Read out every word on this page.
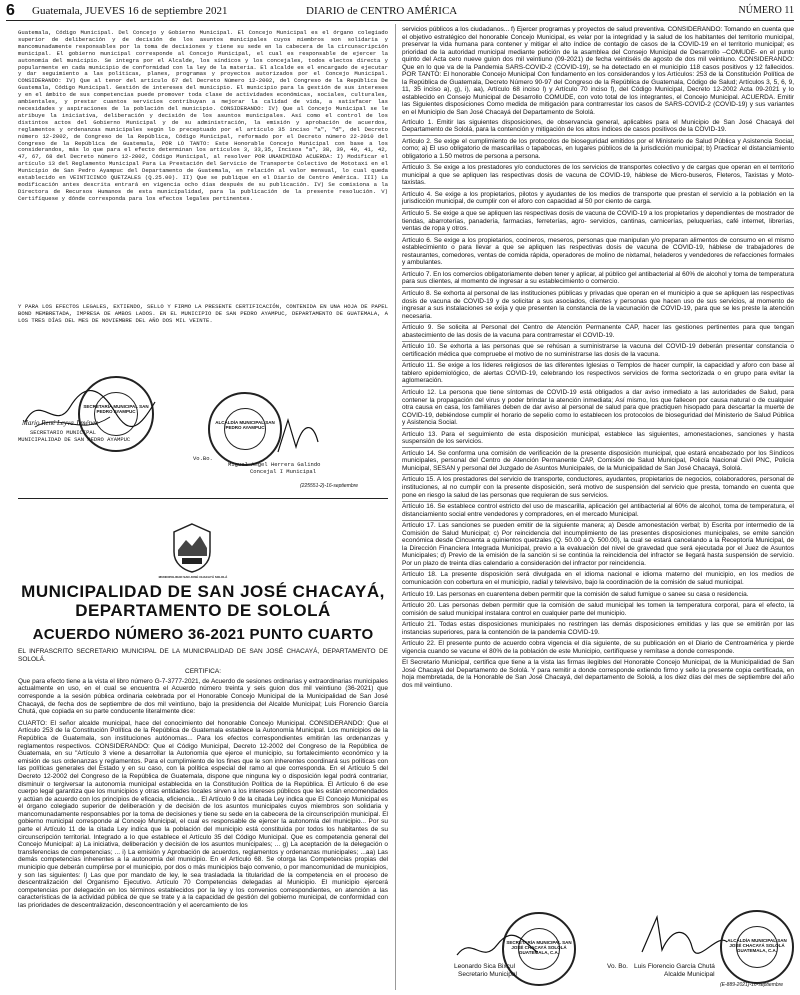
6 Guatemala, JUEVES 16 de septiembre 2021	DIARIO de CENTRO AMÉRICA	NÚMERO 11
Guatemala, Código Municipal. Del Concejo y Gobierno Municipal. El Concejo Municipal es el órgano colegiado superior de deliberación y de decisión de los asuntos municipales cuyos miembros son solidaria y mancomunadamente responsables por la toma de decisiones y tiene su sede en la cabecera de la circunscripción municipal. El gobierno municipal corresponde al Concejo Municipal, el cual es responsable de ejercer la autonomía del municipio. Se integra por el Alcalde, los síndicos y los concejales, todos electos directa y popularmente en cada municipio de conformidad con la ley de la materia. El alcalde es el encargado de ejecutar y dar seguimiento a las políticas, planes, programas y proyectos autorizados por el Concejo Municipal. CONSIDERANDO: IV) Que al tenor del artículo 67 del Decreto Número 12-2002, del Congreso de la República De Guatemala, Código Municipal. Gestión de intereses del municipio. El municipio para la gestión de sus intereses y en el ámbito de sus competencias puede promover toda clase de actividades económicas, sociales, culturales, ambientales, y prestar cuantos servicios contribuyan a mejorar la calidad de vida, a satisfacer las necesidades y aspiraciones de la población del municipio. CONSIDERANDO: IV) Que al Concejo Municipal se le atribuye la iniciativa, deliberación y decisión de los asuntos municipales. Así como el control de los distintos actos del Gobierno Municipal y de su administración, la emisión y aprobación de acuerdos, reglamentos y ordenanzas municipales según lo preceptuado por el artículo 35 inciso "a", "d", del Decreto número 12-2002, de Congreso de la República, Código Municipal, reformado por el Decreto número 22-2010 del Congreso de la República de Guatemala, POR LO TANTO: Este Honorable Concejo Municipal con base a los considerandos, más lo que para el efecto determinan los artículos 3, 33,35, Incisos "a", 38, 39, 40, 41, 42, 47, 67, 68 del Decreto número 12-2002, Código Municipal, al resolver POR UNANIMIDAD ACUERDA: I) Modificar el artículo 13 del Reglamento Municipal Para La Prestación del Servicio de Transporte Colectivo de Mototaxi en el Municipio de San Pedro Ayampuc del Departamento de Guatemala, en relación al valor mensual, lo cual queda establecido en VEINTICINCO QUETZALES (Q.25.00). II) Que se publique en el Diario de Centro América. III) La modificación antes descrita entrará en vigencia ocho días después de su publicación. IV) Se comisiona a la Directora de Recursos Humanos de esta municipalidad, para la publicación de la presente resolución. V) Certifíquese y dónde corresponda para los efectos legales pertinentes.
Y PARA LOS EFECTOS LEGALES, EXTIENDO, SELLO Y FIRMO LA PRESENTE CERTIFICACIÓN, CONTENIDA EN UNA HOJA DE PAPEL BOND MEMBRETADA, IMPRESA DE AMBOS LADOS. EN EL MUNICIPIO DE SAN PEDRO AYAMPUC, DEPARTAMENTO DE GUATEMALA, A LOS TRES DÍAS DEL MES DE NOVIEMBRE DEL AÑO DOS MIL VEINTE.
SECRETARÍA MUNICIPAL SAN PEDRO AYAMPUC
Mario René Leyva Jiménez
SECRETARIO MUNICIPAL
MUNICIPALIDAD DE SAN PEDRO AYAMPUC
ALCALDÍA MUNICIPAL SAN PEDRO AYAMPUC
Vo.Bo.
Miguel Angel Herrera Galindo
Concejal I Municipal
(225551-2)-16-septiembre
MUNICIPALIDAD SAN JOSÉ CHACAYÁ SOLOLÁ
MUNICIPALIDAD DE SAN JOSÉ CHACAYÁ, DEPARTAMENTO DE SOLOLÁ
ACUERDO NÚMERO 36-2021 PUNTO CUARTO

EL INFRASCRITO SECRETARIO MUNICIPAL DE LA MUNICIPALIDAD DE SAN JOSÉ CHACAYÁ, DEPARTAMENTO DE SOLOLÁ.

CERTIFICA:

Que para efecto tiene a la vista el libro número G-7-3777-2021, de Acuerdo de sesiones ordinarias y extraordinarias municipales actualmente en uso, en el cual se encuentra el Acuerdo número treinta y seis guion dos mil veintiuno (36-2021) que corresponde a la sesión pública ordinaria celebrada por el Honorable Concejo Municipal de la Municipalidad de San José Chacayá, de fecha dos de septiembre de dos mil veintiuno, bajo la presidencia del Alcalde Municipal; Luis Florencio García Chutá, que copiada en su parte conducente literalmente dice:

CUARTO: El señor alcalde municipal, hace del conocimiento del honorable Concejo Municipal. CONSIDERANDO: Que el Artículo 253 de la Constitución Política de la República de Guatemala establece la Autonomía Municipal. Los municipios de la República de Guatemala, son instituciones autónomas... Para los efectos correspondientes emitirán las ordenanzas y reglamentos respectivos. CONSIDERANDO: Que el Código Municipal, Decreto 12-2002 del Congreso de la República de Guatemala, en su "Artículo 3 viene a desarrollar la Autonomía que ejerce el municipio, su fortalecimiento económico y la emisión de sus ordenanzas y reglamentos. Para el cumplimiento de los fines que le son inherentes coordinará sus políticas con las políticas generales del Estado y en su caso, con la política especial del ramo al que corresponda. En el Artículo 5 del Decreto 12-2002 del Congreso de la República de Guatemala, dispone que ninguna ley o disposición legal podrá contrariar, disminuir o tergiversar la autonomía municipal establecida en la Constitución Política de la República. El Artículo 6 de ese cuerpo legal garantiza que los municipios y otras entidades locales sirven a los intereses públicos que les están encomendados y actúan de acuerdo con los principios de eficacia, eficiencia... El Artículo 9 de la citada Ley indica que El Concejo Municipal es el órgano colegiado superior de deliberación y de decisión de los asuntos municipales cuyos miembros son solidaria y mancomunadamente responsables por la toma de decisiones y tiene su sede en la cabecera de la circunscripción municipal. El gobierno municipal corresponde al Concejo Municipal, el cual es responsable de ejercer la autonomía del municipio... Por su parte el Artículo 11 de la citada Ley indica que la población del municipio está constituida por todos los habitantes de su circunscripción territorial. Integrado a lo que establece el Artículo 35 del Código Municipal. Que es competencia general del Concejo Municipal: a) La iniciativa, deliberación y decisión de los asuntos municipales; ... g) La aceptación de la delegación o transferencias de competencias; ... i) La emisión y Aprobación de acuerdos, reglamentos y ordenanzas municipales; ...aa) Las demás competencias inherentes a la autonomía del municipio. En el Artículo 68. Se otorga las Competencias propias del municipio que deberán cumplirse por el municipio, por dos o más municipios bajo convenio, o por mancomunidad de municipios, y son las siguientes: l) Las que por mandato de ley, le sea trasladada la titularidad de la competencia en el proceso de descentralización del Organismo Ejecutivo. Artículo 70 Competencias delegadas al Municipio. El municipio ejercerá competencias por delegación en los términos establecidos por la ley y los convenios correspondientes, en atención a las características de la actividad pública de que se trate y a la capacidad de gestión del gobierno municipal, de conformidad con las prioridades de descentralización, desconcentración y el acercamiento de los

servicios públicos a los ciudadanos... f) Ejercer programas y proyectos de salud preventiva. CONSIDERANDO: Tomando en cuenta que el objetivo estratégico del honorable Concejo Municipal, es velar por la integridad y la salud de los habitantes del territorio municipal, preservar la vida humana para contener y mitigar el alto índice de contagio de casos de la COVID-19 en el territorio municipal; es prioridad de la autoridad municipal mediante petición de la asamblea del Consejo Municipal de Desarrollo –COMUDE- en el punto quinto del Acta cero nueve guion dos mil veintiuno (09-2021) de fecha veintiséis de agosto de dos mil veintiuno. CONSIDERANDO: Que en lo que va de la Pandemia SARS-COVID-2 (COVID-19), se ha detectado en el municipio 118 casos positivos y 12 fallecidos. POR TANTO: El honorable Concejo Municipal Con fundamento en los considerandos y los Artículos: 253 de la Constitución Política de la República de Guatemala, Decreto Número 90-97 del Congreso de la República de Guatemala, Código de Salud; Artículos 3, 5, 6, 9, 11, 35 inciso a), g), i), aa), Artículo 68 inciso l) y Artículo 70 inciso f), del Código Municipal, Decreto 12-2002 Acta 09-2021 y lo establecido en Consejo Municipal de Desarrollo COMUDE, con voto total de los integrantes, el Concejo Municipal. ACUERDA. Emitir las Siguientes disposiciones Como medida de mitigación para contrarrestar los casos de SARS-COVID-2 (COVID-19) y sus variantes en el Municipio de San José Chacayá del Departamento de Sololá.

Artículo 1. Emitir las siguientes disposiciones, de observancia general, aplicables para el Municipio de San José Chacayá del Departamento de Sololá, para la contención y mitigación de los altos índices de casos positivos de la COVID-19.

Artículo 2. Se exige el cumplimiento de los protocolos de bioseguridad emitidos por el Ministerio de Salud Pública y Asistencia Social, como; a) El uso obligatorio de mascarillas o tapabocas, en lugares públicos de la jurisdicción municipal; b) Practicar el distanciamiento obligatorio a 1.50 metros de persona a persona.

Artículo 3. Se exige a los prestadores y/o conductores de los servicios de transportes colectivo y de cargas que operan en el territorio municipal a que se apliquen las respectivas dosis de vacuna de COVID-19, háblese de Micro-buseros, Fleteros, Taxistas y Moto-taxistas.

Artículo 4. Se exige a los propietarios, pilotos y ayudantes de los medios de transporte que prestan el servicio a la población en la jurisdicción municipal, de cumplir con el aforo con capacidad al 50 por ciento de carga.

Artículo 5. Se exige a que se apliquen las respectivas dosis de vacuna de COVID-19 a los propietarios y dependientes de mostrador de tiendas, abarroterías, panadería, farmacias, ferreterías, agro- servicios, cantinas, carnicerías, peluquerías, café internet, librerías, ventas de ropa y otros.

Artículo 6. Se exige a los propietarios, cocineros, meseros, personas que manipulan y/o preparan alimentos de consumo en el mismo establecimiento o para llevar a que se apliquen las respectivas dosis de vacuna de COVID-19, háblese de trabajadores de restaurantes, comedores, ventas de comida rápida, operadores de molino de nixtamal, heladeros y vendedores de refacciones formales y ambulantes.

Artículo 7. En los comercios obligatoriamente deben tener y aplicar, al público gel antibacterial al 60% de alcohol y toma de temperatura para sus clientes, al momento de ingresar a su establecimiento o comercio.

Artículo 8. Se exhorta al personal de las instituciones públicas y privadas que operan en el municipio a que se apliquen las respectivas dosis de vacuna de COVID-19 y de solicitar a sus asociados, clientes y personas que hacen uso de sus servicios, al momento de ingresar a sus instalaciones se exija y que presenten la constancia de la vacunación de COVID-19, para que se les preste la atención necesaria.

Artículo 9. Se solicita al Personal del Centro de Atención Permanente CAP, hacer las gestiones pertinentes para que tengan abastecimiento de las dosis de la vacuna para contrarrestar el COVID-19.

Artículo 10. Se exhorta a las personas que se rehúsan a suministrarse la vacuna del COVID-19 deberán presentar constancia o certificación médica que compruebe el motivo de no suministrarse las dosis de la vacuna.

Artículo 11. Se exige a los líderes religiosos de las diferentes Iglesias o Templos de hacer cumplir, la capacidad y aforo con base al tablero epidemiológico, de alertas COVID-19, celebrando los respectivos servicios de forma sectorizada o en grupo para evitar la aglomeración.

Artículo 12. La persona que tiene síntomas de COVID-19 está obligados a dar aviso inmediato a las autoridades de Salud, para contener la propagación del virus y poder brindar la atención inmediata; Así mismo, los que fallecen por causa natural o de cualquier otra causa en casa, los familiares deben de dar aviso al personal de salud para que practiquen hisopado para descartar la muerte de COVID-19, debiéndose cumplir el horario de sepelio como lo establecen los protocolos de bioseguridad del Ministerio de Salud Pública y Asistencia Social.

Artículo 13. Para el seguimiento de esta disposición municipal, establece las siguientes, amonestaciones, sanciones y hasta suspensión de los servicios.

Artículo 14. Se conforma una comisión de verificación de la presente disposición municipal, que estará encabezado por los Síndicos municipales, personal del Centro de Atención Permanente CAP, Comisión de Salud Municipal, Policía Nacional Civil PNC, Policía Municipal, SESAN y personal del Juzgado de Asuntos Municipales, de la Municipalidad de San José Chacayá, Sololá.

Artículo 15. A los prestadores del servicio de transporte, conductores, ayudantes, propietarios de negocios, colaboradores, personal de instituciones, al no cumplir con la presente disposición, será motivo de suspensión del servicio que presta, tomando en cuenta que pone en riesgo la salud de las personas que requieran de sus servicios.

Artículo 16. Se establece control estricto del uso de mascarilla, aplicación gel antibacterial al 60% de alcohol, toma de temperatura, el distanciamiento social entre vendedores y compradores, en el mercado Municipal.

Artículo 17. Las sanciones se pueden emitir de la siguiente manera; a) Desde amonestación verbal; b) Escrita por intermedio de la Comisión de Salud Municipal; c) Por reincidencia del incumplimiento de las presentes disposiciones municipales, se emite sanción económica desde Cincuenta a quinientos quetzales (Q. 50.00 a Q. 500.00), la cual se estará cancelando a la Receptoría Municipal, de la Dirección Financiera Integrada Municipal, previo a la evaluación del nivel de gravedad que será ejecutada por el Juez de Asuntos Municipales; d) Previo de la emisión de la sanción si se continúa la reincidencia del infractor se llegará hasta suspensión de servicio. Por un plazo de treinta días calendario a consideración del infractor por reincidencia.

Artículo 18. La presente disposición será divulgada en el idioma nacional e idioma materno del municipio, en los medios de comunicación con cobertura en el municipio, radial y televisivo, bajo la coordinación de la comisión de salud municipal.

Artículo 19. Las personas en cuarentena deben permitir que la comisión de salud fumigue o sanee su casa o residencia.

Artículo 20. Las personas deben permitir que la comisión de salud municipal les tomen la temperatura corporal, para el efecto, la comisión de salud municipal instalara control en cualquier parte del municipio.

Artículo 21. Todas estas disposiciones municipales no restringen las demás disposiciones emitidas y las que se emitirán por las instancias superiores, para la contención de la pandemia COVID-19.

Artículo 22. El presente punto de acuerdo cobra vigencia el día siguiente, de su publicación en el Diario de Centroamérica y pierde vigencia cuando se vacune el 80% de la población de este Municipio, certifíquese y remítase a donde corresponde.

El Secretario Municipal, certifica que tiene a la vista las firmas ilegibles del Honorable Concejo Municipal, de la Municipalidad de San José Chacayá del Departamento de Sololá. Y para remitir a donde corresponde extiendo firmo y sello la presente copia certificada, en hoja membretada, de la Honorable de San José Chacayá, del departamento de Sololá, a los diez días del mes de septiembre del año dos mil veintiuno.

SECRETARÍA MUNICIPAL SAN JOSÉ CHACAYÁ SOLOLÁ GUATEMALA, C.A.
Leonardo Sica Bixcul
Secretario Municipal
Vo. Bo. Luis Florencio García Chutá
Alcalde Municipal
ALCALDÍA MUNICIPAL SAN JOSÉ CHACAYÁ SOLOLÁ GUATEMALA, C.A.
(E-889-2021)-16-septiembre
